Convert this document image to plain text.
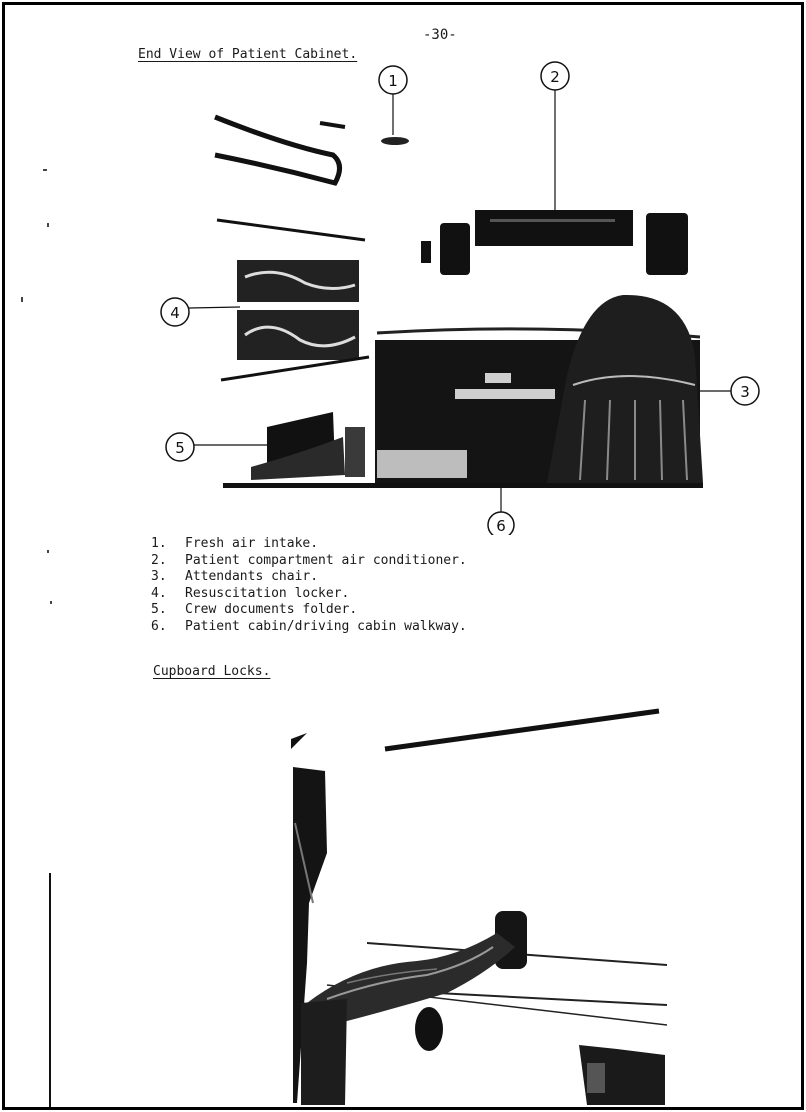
-30-
End View of Patient Cabinet.
1	2
3
4
5
6
1. Fresh air intake.
2. Patient compartment air conditioner.
3. Attendants chair.
4. Resuscitation locker.
5. Crew documents folder.
6. Patient cabin/driving cabin walkway.
Cupboard Locks.
